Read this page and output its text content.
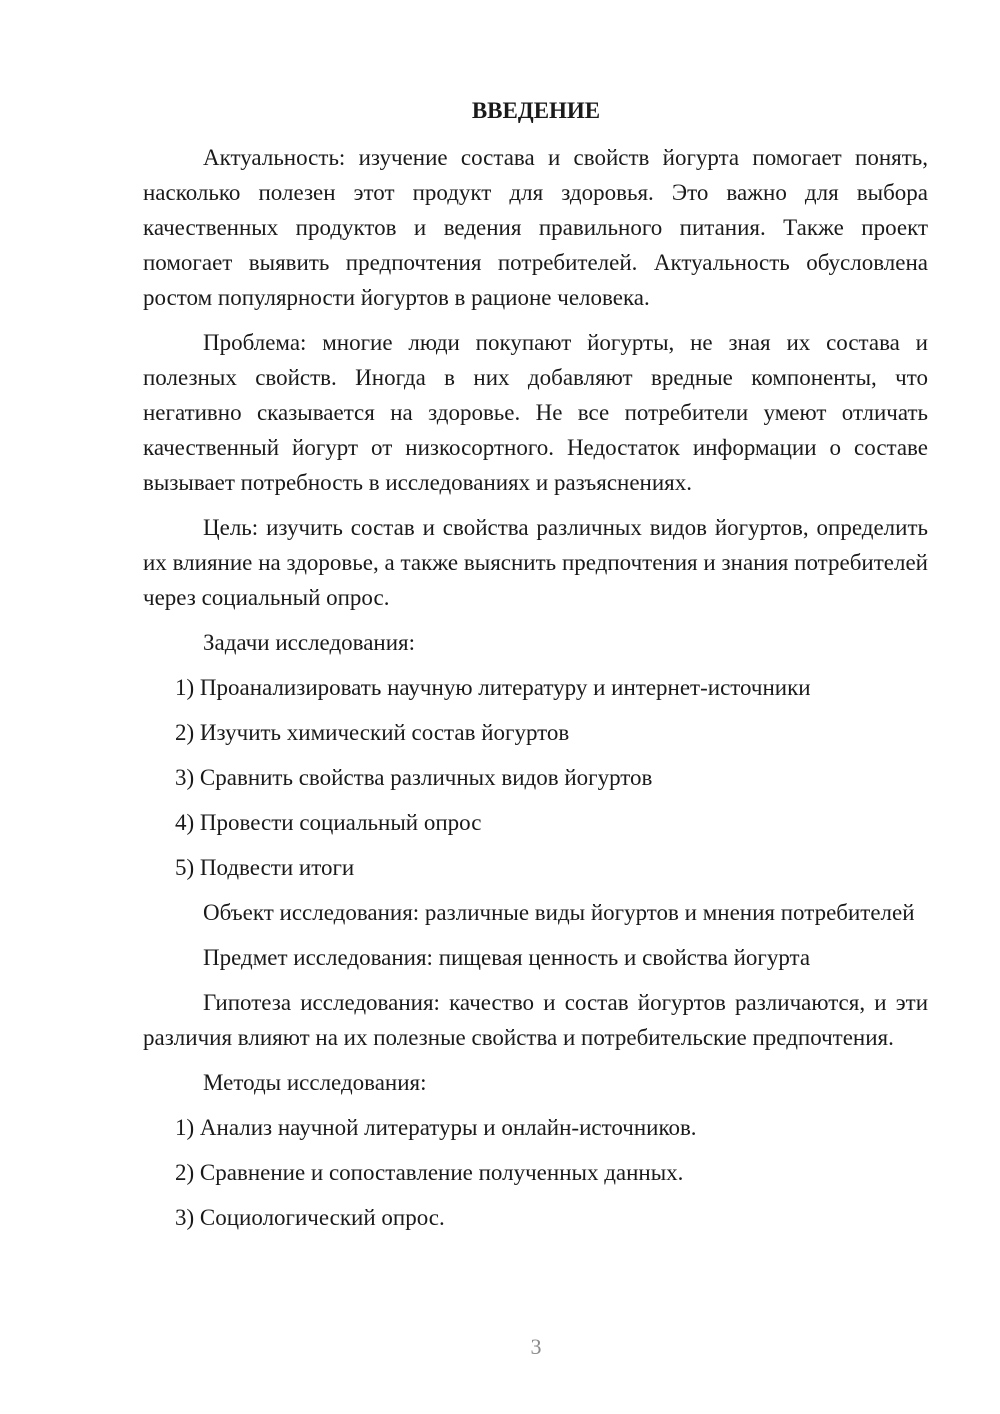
ВВЕДЕНИЕ

Актуальность: изучение состава и свойств йогурта помогает понять, насколько полезен этот продукт для здоровья. Это важно для выбора качественных продуктов и ведения правильного питания. Также проект помогает выявить предпочтения потребителей. Актуальность обусловлена ростом популярности йогуртов в рационе человека.

Проблема: многие люди покупают йогурты, не зная их состава и полезных свойств. Иногда в них добавляют вредные компоненты, что негативно сказывается на здоровье. Не все потребители умеют отличать качественный йогурт от низкосортного. Недостаток информации о составе вызывает потребность в исследованиях и разъяснениях.

Цель: изучить состав и свойства различных видов йогуртов, определить их влияние на здоровье, а также выяснить предпочтения и знания потребителей через социальный опрос.

Задачи исследования:

1) Проанализировать научную литературу и интернет-источники
2) Изучить химический состав йогуртов
3) Сравнить свойства различных видов йогуртов
4) Провести социальный опрос
5) Подвести итоги

Объект исследования: различные виды йогуртов и мнения потребителей

Предмет исследования: пищевая ценность и свойства йогурта

Гипотеза исследования: качество и состав йогуртов различаются, и эти различия влияют на их полезные свойства и потребительские предпочтения.

Методы исследования:

1) Анализ научной литературы и онлайн-источников.
2) Сравнение и сопоставление полученных данных.
3) Социологический опрос.
3
